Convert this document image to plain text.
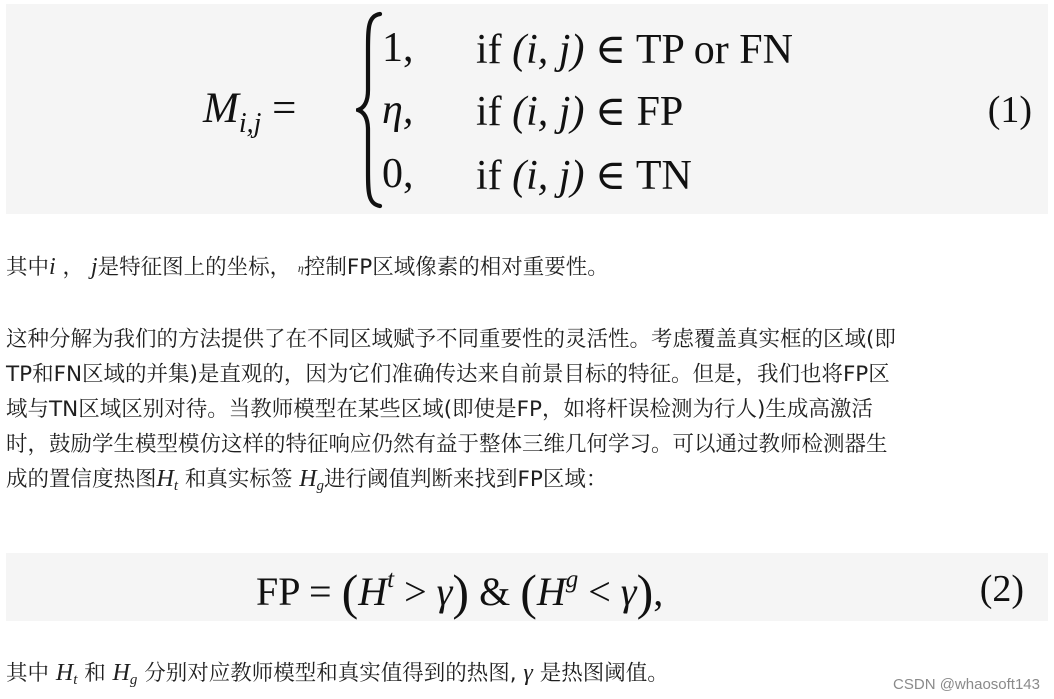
$M_{i,j}$ =
1, if (i, j) ∈ TP or FN
η, if (i, j) ∈ FP
0, if (i, j) ∈ TN
(1)
其中i ， j是特征图上的坐标， η控制FP区域像素的相对重要性。
这种分解为我们的方法提供了在不同区域赋予不同重要性的灵活性。考虑覆盖真实框的区域(即
TP和FN区域的并集)是直观的，因为它们准确传达来自前景目标的特征。但是，我们也将FP区
域与TN区域区别对待。当教师模型在某些区域(即使是FP，如将杆误检测为行人)生成高激活
时，鼓励学生模型模仿这样的特征响应仍然有益于整体三维几何学习。可以通过教师检测器生
成的置信度热图$H_t$ 和真实标签 $H_g$进行阈值判断来找到FP区域：
FP = $(H^t > \gamma)$ & $(H^g < \gamma)$,	(2)
其中 $H_t$ 和 $H_g$ 分别对应教师模型和真实值得到的热图, γ 是热图阈值。	CSDN @whaosoft143
